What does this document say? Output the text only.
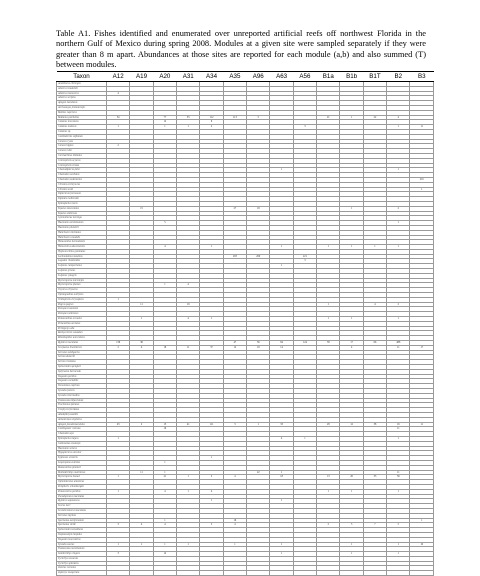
Table A1. Fishes identified and enumerated over unreported artificial reefs off northwest Florida in the northern Gulf of Mexico during spring 2008. Modules at a given site were sampled separately if they were greater than 8 m apart. Abundances at those sites are reported for each module (a,b) and also summed (T) between modules.
Taxon	A12	A19	A20	A31	A34	A35	A96	A63	A56	B1a	B1b	B1T	B2	B3
Acanthurus chirurgus														
Aluterus heudelotii														
Aluterus monoceros	4													
Aluterus scriptus														
Apogon maculatus														
Archosargus probatoceph.														
Balistes capriscus														
Bodianus pulchellus	34		77	35	112	113	5			21	1	22	4	
Calamus leucosteus			12		6									
Calamus nodosus	1		1	1	2				3				1	11
Calamus sp.														
Canthidermis sufflamen														
Caranx crysos														
Caranx hippos	2													
Caranx ruber														
Carcharhinus limbatus														
Centropristis ocyurus														
Centropristis striata														
Chaetodipterus faber								1					1	
Chaetodon ocellatus														
Chaetodon sedentarius														201
Chromis enchrysurus														
Chromis scotti														1
Diplectrum formosum														
Diplodus holbrookii														
Epinephelus morio														
Equetus lanceolatus		15				27	18				1		2	
Equetus umbrosus														
Gymnothorax moringa														
Haemulon aurolineatum			5										1	
Haemulon plumierii														
Halichoeres bivittatus														
Halichoeres caudalis														
Holacanthus bermudensis														
Holocentrus adscensionis			4		1			1		1	1	1	1	
Hypleurochilus geminatus														
Lachnolaimus maximus						203	200		221					
Lagodon rhomboides									3					
Lutjanus campechanus								1						
Lutjanus griseus														
Lutjanus synagris														
Mycteroperca microlepis														
Mycteroperca phenax			1	4										
Ocyurus chrysurus														
Opistognathus aurifrons														
Orthopristis chrysoptera	1													
Pagrus pagrus		11		16						1		4	2	
Pareques iwamotoi														
Pareques umbrosus														
Pomacanthus arcuatus		1		4	1					1	1		1	
Priacanthus arenatus														
Pristigenys alta														
Rachycentron canadum														
Rhomboplites aurorubens														
Rypticus maculatus	136	36				47	36	84	124	38	17	66	488	
Scorpaena brasiliensis	2	4	18	11	37	12	19	14			4		11	17
Serranus subligarius														
Seriola dumerili														
Seriola rivoliana														
Sphoeroides spengleri														
Sphyraena barracuda														
Stegastes partitus														
Stegastes variabilis														
Stenotomus caprinus														
Synodus foetens														
Synodus intermedius														
Thalassoma bifasciatum														
Trachinotus falcatus														
Urophycis floridana														
Abudefduf saxatilis														
Anisotremus virginicus														
Apogon pseudomaculatus	43	2	13	41	111	3	1	33		28	12	38	16	11
Canthigaster rostrata			16										11	
Chaetodon aya														
Epinephelus itajara	1							4	1				1	
Gobiosoma oceanops														
Haemulon sciurus														
Hypoplectrus unicolor														
Kyphosus sectatrix					1									
Liopropoma eukrines			1											
Malacanthus plumieri														
Mulloidichthys martinicus		11	1				22	1					11	
Mycteroperca bonaci	1		21	1	2	4		18		13	20	33	36	
Ophioblennius atlanticus														
Pempheris schomburgkii														
Pomacentrus partitus	1		4	1	4					1	1		1	
Pseudupeneus maculatus														
Rypticus saponaceus					1			1						
Scarus iseri														
Scomberomorus maculatus														
Serranus tigrinus														
Sparisoma aurofrenatum			1			16								1
Sparisoma viride	3	4	4		5	4				2	5	7	5	
Sphoeroides testudineus														
Stephanolepis hispidus														
Stegastes leucostictus														
Synodus saurus	1	1	1	1		1		1			1		1	10
Thalassoma noronhanum														
Xanthichthys ringens	3		12					1			1		1	
Xyrichtys novacula														
Xyrichtys splendens														
Zanclus cornutus														
Zapteryx exasperata														
